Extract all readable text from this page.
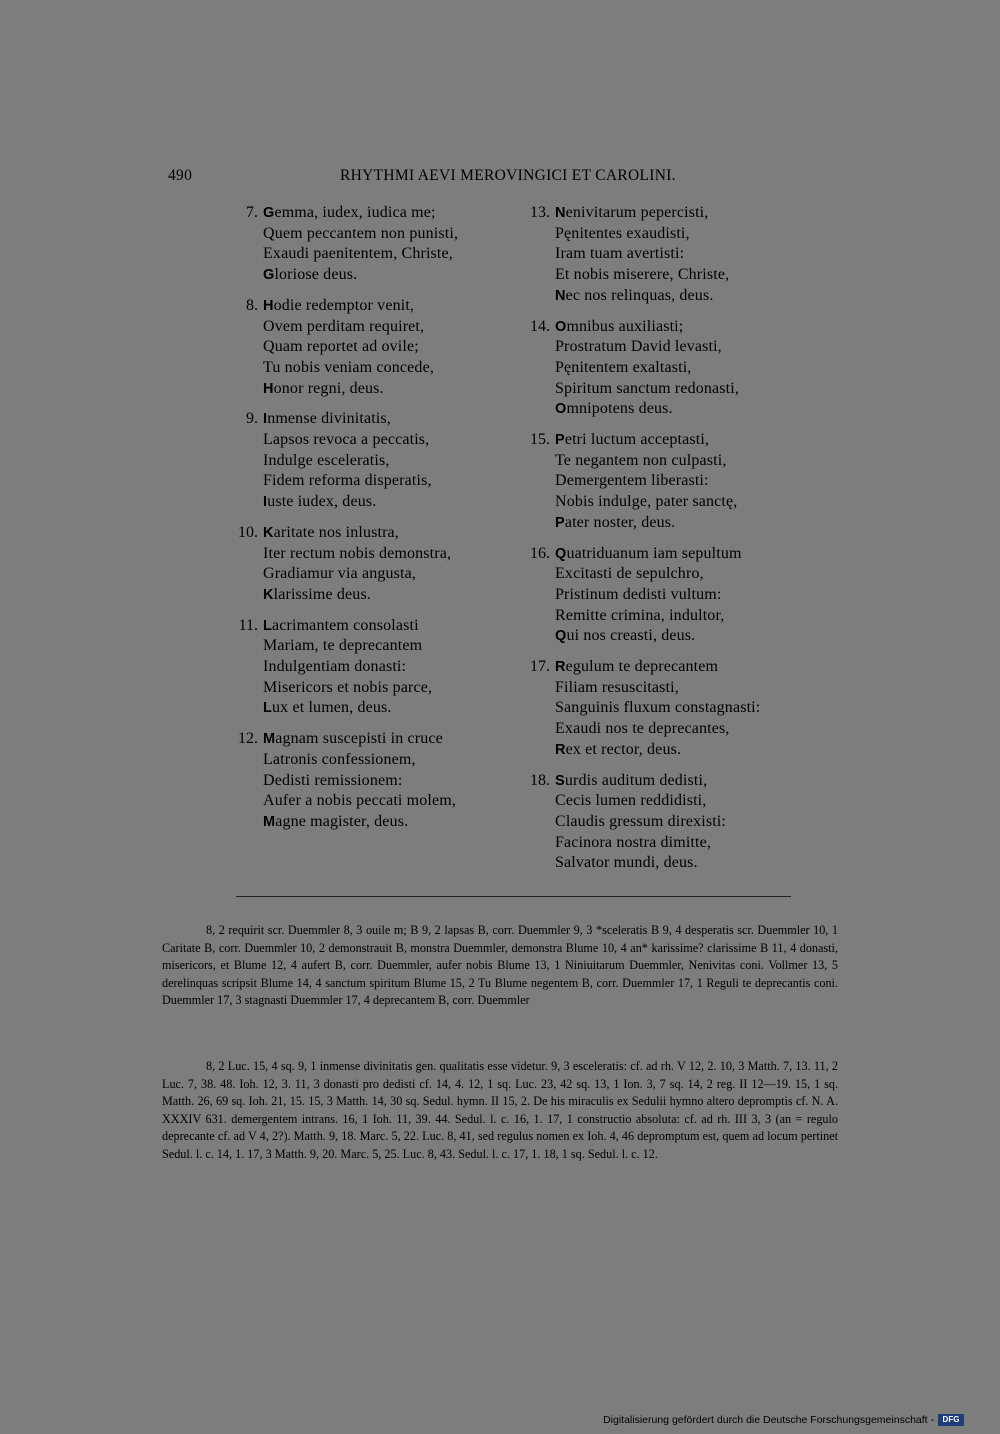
490	RHYTHMI AEVI MEROVINGICI ET CAROLINI.
7. Gemma, iudex, iudica me;
Quem peccantem non punisti,
Exaudi paenitentem, Christe,
Gloriose deus.
8. Hodie redemptor venit,
Ovem perditam requiret,
Quam reportet ad ovile;
Tu nobis veniam concede,
Honor regni, deus.
9. Inmense divinitatis,
Lapsos revoca a peccatis,
Indulge esceleratis,
Fidem reforma disperatis,
Iuste iudex, deus.
10. Karitate nos inlustra,
Iter rectum nobis demonstra,
Gradiamur via angusta,
Klarissime deus.
11. Lacrimantem consolasti
Mariam, te deprecantem
Indulgentiam donasti:
Misericors et nobis parce,
Lux et lumen, deus.
12. Magnam suscepisti in cruce
Latronis confessionem,
Dedisti remissionem:
Aufer a nobis peccati molem,
Magne magister, deus.
13. Nenivitarum pepercisti,
Pęnitentes exaudisti,
Iram tuam avertisti:
Et nobis miserere, Christe,
Nec nos relinquas, deus.
14. Omnibus auxiliasti;
Prostratum David levasti,
Pęnitentem exaltasti,
Spiritum sanctum redonasti,
Omnipotens deus.
15. Petri luctum acceptasti,
Te negantem non culpasti,
Demergentem liberasti:
Nobis indulge, pater sanctę,
Pater noster, deus.
16. Quatriduanum iam sepultum
Excitasti de sepulchro,
Pristinum dedisti vultum:
Remitte crimina, indultor,
Qui nos creasti, deus.
17. Regulum te deprecantem
Filiam resuscitasti,
Sanguinis fluxum constagnasti:
Exaudi nos te deprecantes,
Rex et rector, deus.
18. Surdis auditum dedisti,
Cecis lumen reddidisti,
Claudis gressum direxisti:
Facinora nostra dimitte,
Salvator mundi, deus.

8, 2 requirit scr. Duemmler 8, 3 ouile m; B 9, 2 lapsas B, corr. Duemmler 9, 3 *sceleratis B 9, 4 desperatis scr. Duemmler 10, 1 Caritate B, corr. Duemmler 10, 2 demonstrauit B, monstra Duemmler, demonstra Blume 10, 4 an* karissime? clarissime B 11, 4 donasti, misericors, et Blume 12, 4 aufert B, corr. Duemmler, aufer nobis Blume 13, 1 Niniuitarum Duemmler, Nenivitas coni. Vollmer 13, 5 derelinquas scripsit Blume 14, 4 sanctum spiritum Blume 15, 2 Tu Blume negentem B, corr. Duemmler 17, 1 Reguli te deprecantis coni. Duemmler 17, 3 stagnasti Duemmler 17, 4 deprecantem B, corr. Duemmler

8, 2 Luc. 15, 4 sq. 9, 1 inmense divinitatis gen. qualitatis esse videtur. 9, 3 esceleratis: cf. ad rh. V 12, 2. 10, 3 Matth. 7, 13. 11, 2 Luc. 7, 38. 48. Ioh. 12, 3. 11, 3 donasti pro dedisti cf. 14, 4. 12, 1 sq. Luc. 23, 42 sq. 13, 1 Ion. 3, 7 sq. 14, 2 reg. II 12—19. 15, 1 sq. Matth. 26, 69 sq. Ioh. 21, 15. 15, 3 Matth. 14, 30 sq. Sedul. hymn. II 15, 2. De his miraculis ex Sedulii hymno altero depromptis cf. N. A. XXXIV 631. demergentem intrans. 16, 1 Ioh. 11, 39. 44. Sedul. l. c. 16, 1. 17, 1 constructio absoluta: cf. ad rh. III 3, 3 (an = regulo deprecante cf. ad V 4, 2?). Matth. 9, 18. Marc. 5, 22. Luc. 8, 41, sed regulus nomen ex Ioh. 4, 46 depromptum est, quem ad locum pertinet Sedul. l. c. 14, 1. 17, 3 Matth. 9, 20. Marc. 5, 25. Luc. 8, 43. Sedul. l. c. 17, 1. 18, 1 sq. Sedul. l. c. 12.

Digitalisierung gefördert durch die Deutsche Forschungsgemeinschaft -	DFG
